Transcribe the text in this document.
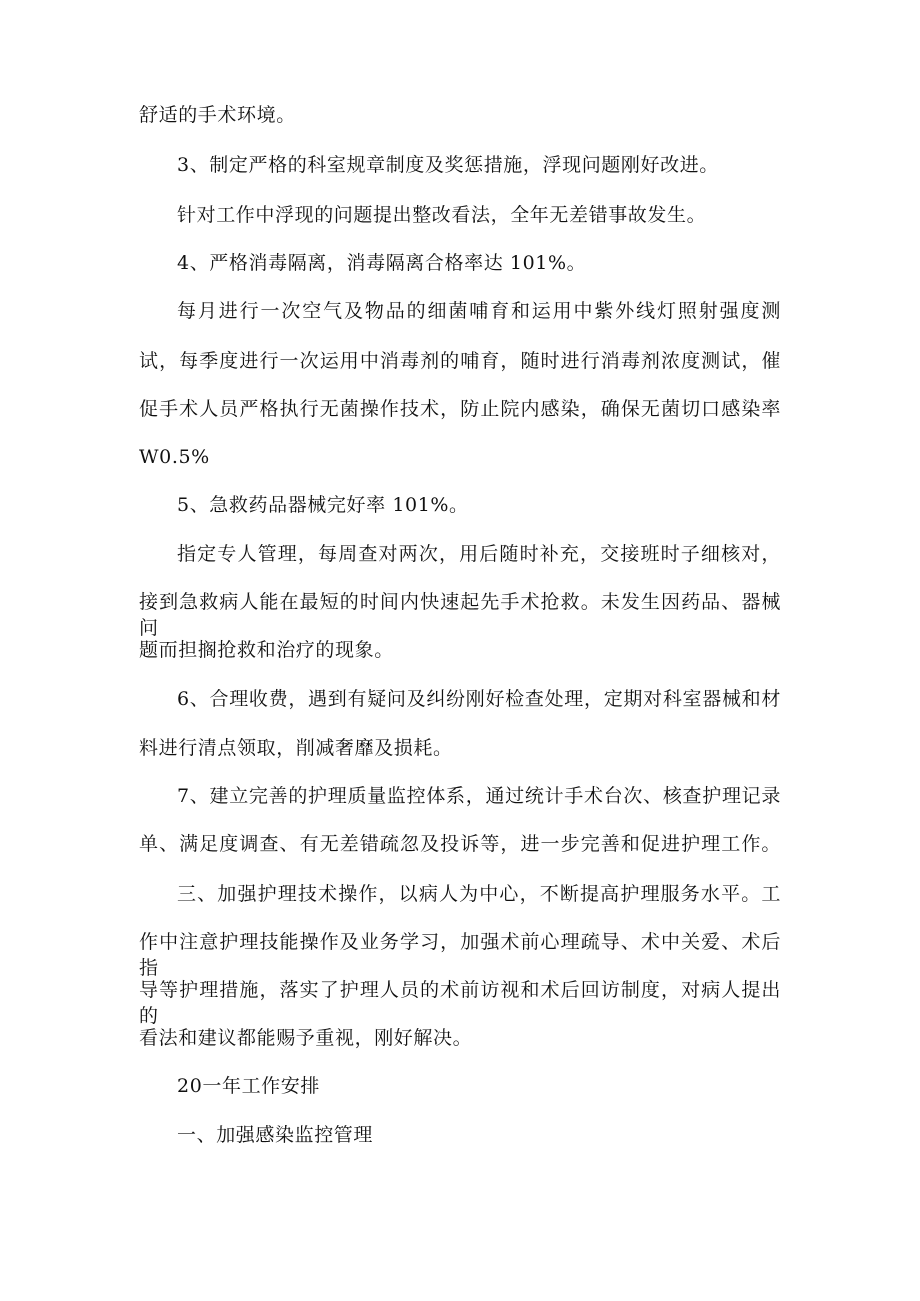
舒适的手术环境。
3、制定严格的科室规章制度及奖惩措施，浮现问题刚好改进。
针对工作中浮现的问题提出整改看法，全年无差错事故发生。
4、严格消毒隔离，消毒隔离合格率达 101%。
每月进行一次空气及物品的细菌哺育和运用中紫外线灯照射强度测
试，每季度进行一次运用中消毒剂的哺育，随时进行消毒剂浓度测试，催
促手术人员严格执行无菌操作技术，防止院内感染，确保无菌切口感染率
W0.5%
5、急救药品器械完好率 101%。
指定专人管理，每周查对两次，用后随时补充，交接班时子细核对，
接到急救病人能在最短的时间内快速起先手术抢救。未发生因药品、器械问
题而担搁抢救和治疗的现象。
6、合理收费，遇到有疑问及纠纷刚好检查处理，定期对科室器械和材
料进行清点领取，削减奢靡及损耗。
7、建立完善的护理质量监控体系，通过统计手术台次、核查护理记录
单、满足度调查、有无差错疏忽及投诉等，进一步完善和促进护理工作。
三、加强护理技术操作，以病人为中心，不断提高护理服务水平。工
作中注意护理技能操作及业务学习，加强术前心理疏导、术中关爱、术后指
导等护理措施，落实了护理人员的术前访视和术后回访制度，对病人提出的
看法和建议都能赐予重视，刚好解决。
20一年工作安排
一、加强感染监控管理
